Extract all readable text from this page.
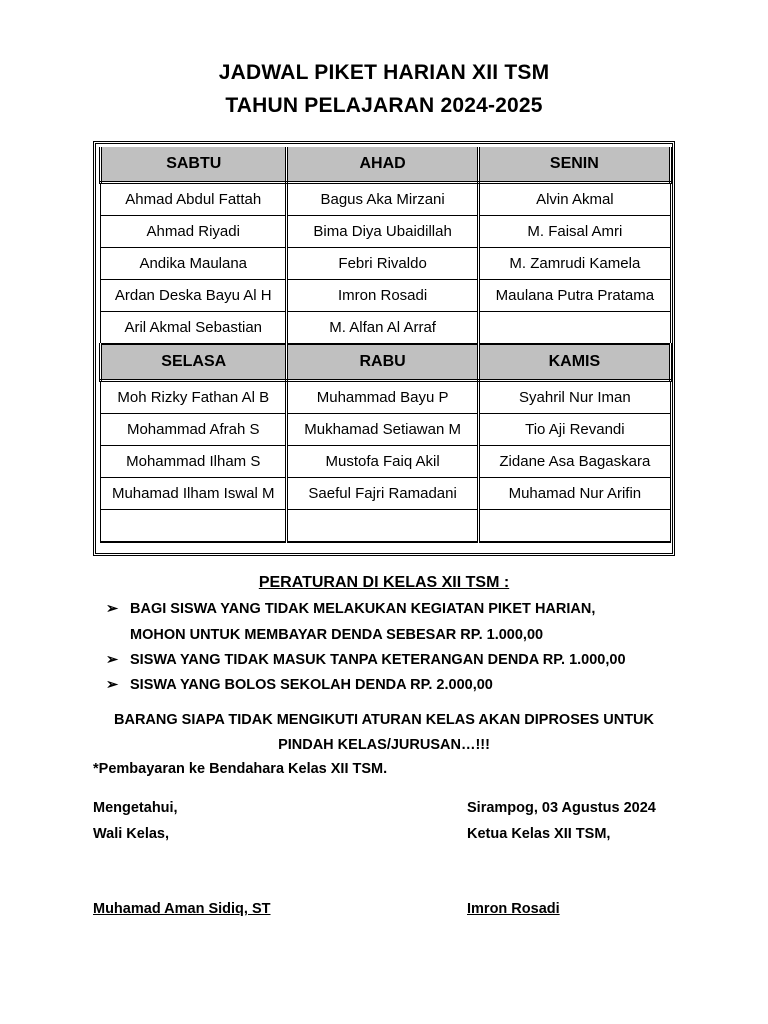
JADWAL PIKET HARIAN XII TSM
TAHUN PELAJARAN 2024-2025
SABTU	AHAD	SENIN
Ahmad Abdul Fattah	Bagus Aka Mirzani	Alvin Akmal
Ahmad Riyadi	Bima Diya Ubaidillah	M. Faisal Amri
Andika Maulana	Febri Rivaldo	M. Zamrudi Kamela
Ardan Deska Bayu Al H	Imron Rosadi	Maulana Putra Pratama
Aril Akmal Sebastian	M. Alfan Al Arraf	
SELASA	RABU	KAMIS
Moh Rizky Fathan Al B	Muhammad Bayu P	Syahril Nur Iman
Mohammad Afrah S	Mukhamad Setiawan M	Tio Aji Revandi
Mohammad Ilham S	Mustofa Faiq Akil	Zidane Asa Bagaskara
Muhamad Ilham Iswal M	Saeful Fajri Ramadani	Muhamad Nur Arifin

PERATURAN DI KELAS XII TSM :
➢ BAGI SISWA YANG TIDAK MELAKUKAN KEGIATAN PIKET HARIAN,
MOHON UNTUK MEMBAYAR DENDA SEBESAR RP. 1.000,00
➢ SISWA YANG TIDAK MASUK TANPA KETERANGAN DENDA RP. 1.000,00
➢ SISWA YANG BOLOS SEKOLAH DENDA RP. 2.000,00
BARANG SIAPA TIDAK MENGIKUTI ATURAN KELAS AKAN DIPROSES UNTUK
PINDAH KELAS/JURUSAN…!!!
*Pembayaran ke Bendahara Kelas XII TSM.
Mengetahui,
Wali Kelas,
Muhamad Aman Sidiq, ST
Sirampog, 03 Agustus 2024
Ketua Kelas XII TSM,
Imron Rosadi
